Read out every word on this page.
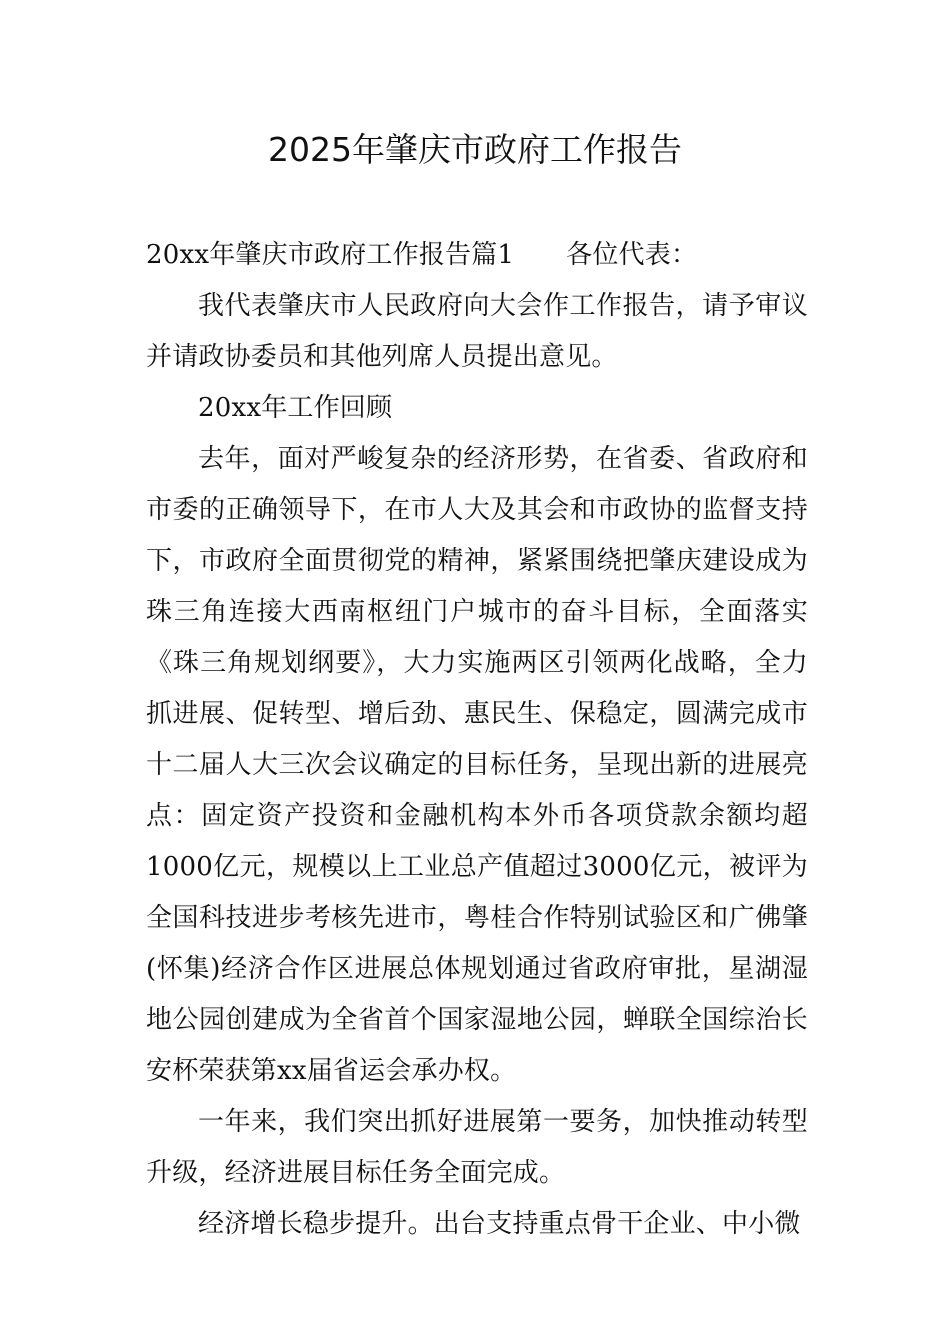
2025年肇庆市政府工作报告

20xx年肇庆市政府工作报告篇1 各位代表：

我代表肇庆市人民政府向大会作工作报告，请予审议并请政协委员和其他列席人员提出意见。

20xx年工作回顾

去年，面对严峻复杂的经济形势，在省委、省政府和市委的正确领导下，在市人大及其会和市政协的监督支持下，市政府全面贯彻党的精神，紧紧围绕把肇庆建设成为珠三角连接大西南枢纽门户城市的奋斗目标，全面落实《珠三角规划纲要》，大力实施两区引领两化战略，全力抓进展、促转型、增后劲、惠民生、保稳定，圆满完成市十二届人大三次会议确定的目标任务，呈现出新的进展亮点：固定资产投资和金融机构本外币各项贷款余额均超1000亿元，规模以上工业总产值超过3000亿元，被评为全国科技进步考核先进市，粤桂合作特别试验区和广佛肇(怀集)经济合作区进展总体规划通过省政府审批，星湖湿地公园创建成为全省首个国家湿地公园，蝉联全国综治长安杯荣获第xx届省运会承办权。

一年来，我们突出抓好进展第一要务，加快推动转型升级，经济进展目标任务全面完成。

经济增长稳步提升。出台支持重点骨干企业、中小微
